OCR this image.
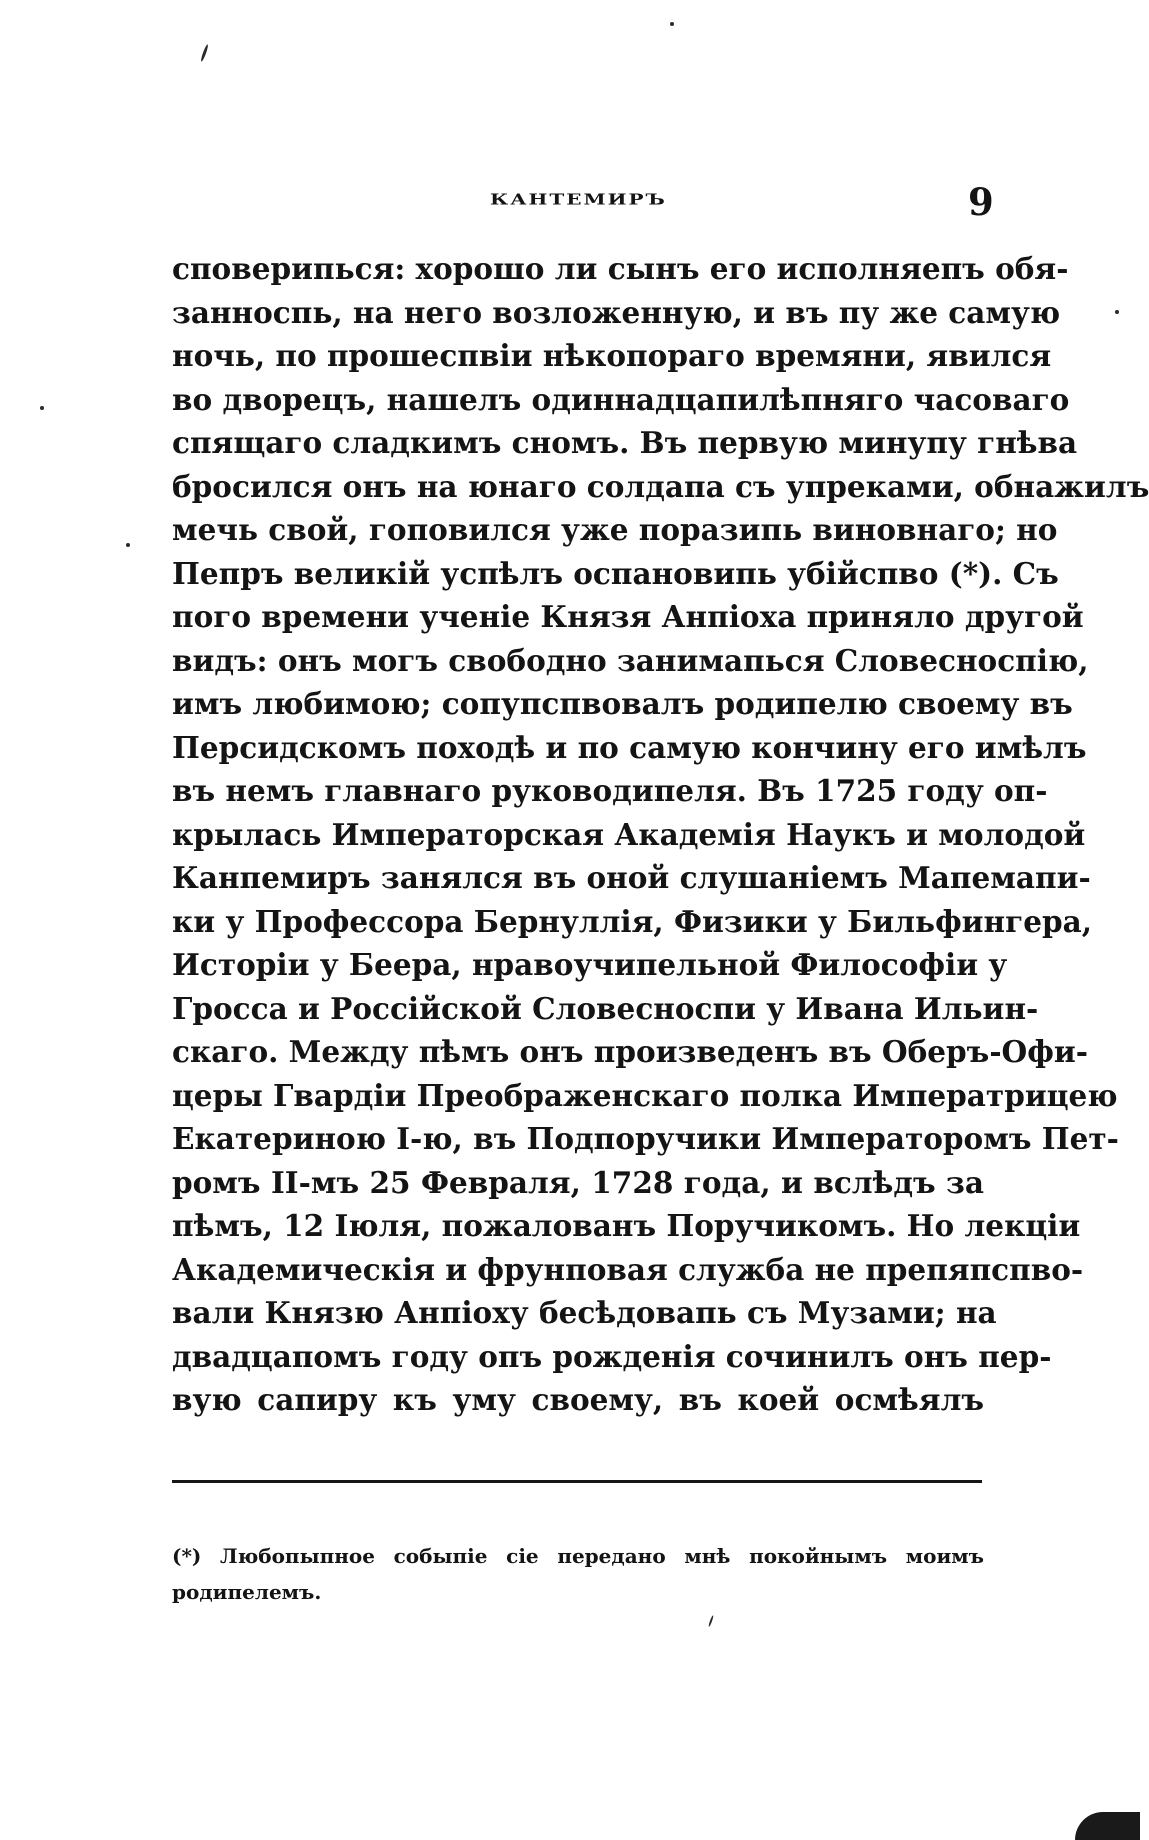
КАНТЕМИРЪ	9
споверипься: хорошо ли сынъ его исполняепъ обя-
занноспь, на него возложенную, и въ пу же самую
ночь, по прошеспвіи нѣкопораго времяни, явился
во дворецъ, нашелъ одиннадцапилѣпняго часоваго
спящаго сладкимъ сномъ. Въ первую минупу гнѣва
бросился онъ на юнаго солдапа съ упреками, обнажилъ
мечь свой, гоповился уже поразипь виновнаго; но
Пепръ великій успѣлъ оспановипь убійспво (*). Съ
пого времени ученіе Князя Анпіоха приняло другой
видъ: онъ могъ свободно занимапься Словесноспію,
имъ любимою; сопупспвовалъ родипелю своему въ
Персидскомъ походѣ и по самую кончину его имѣлъ
въ немъ главнаго руководипеля. Въ 1725 году оп-
крылась Императорская Академія Наукъ и молодой
Канпемиръ занялся въ оной слушаніемъ Мапемапи-
ки у Профессора Бернуллія, Физики у Бильфингера,
Исторіи у Беера, нравоучипельной Философіи у
Гросса и Россійской Словесноспи у Ивана Ильин-
скаго. Между пѣмъ онъ произведенъ въ Оберъ-Офи-
церы Гвардіи Преображенскаго полка Императрицею
Екатериною І-ю, въ Подпоручики Императоромъ Пет-
ромъ ІІ-мъ 25 Февраля, 1728 года, и вслѣдъ за
пѣмъ, 12 Іюля, пожалованъ Поручикомъ. Но лекціи
Академическія и фрунповая служба не препяпспво-
вали Князю Анпіоху бесѣдовапь съ Музами; на
двадцапомъ году опъ рожденія сочинилъ онъ пер-
вую сапиру къ уму своему, въ коей осмѣялъ
(*) Любопыпное собыпіе сіе передано мнѣ покойнымъ моимъ
родипелемъ.
